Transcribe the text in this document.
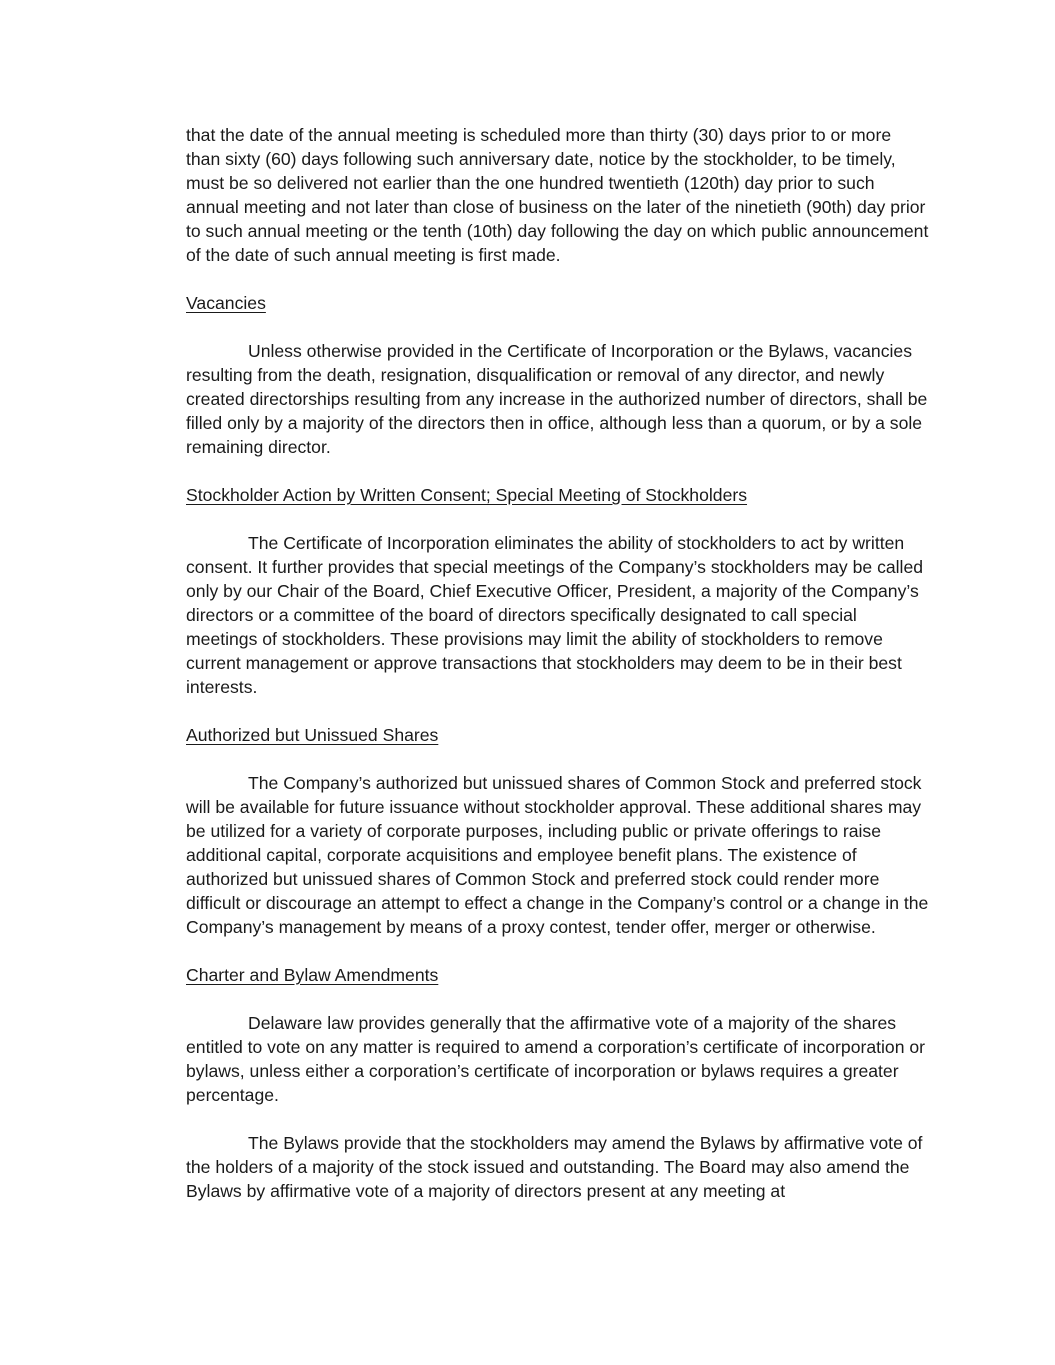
that the date of the annual meeting is scheduled more than thirty (30) days prior to or more than sixty (60) days following such anniversary date, notice by the stockholder, to be timely, must be so delivered not earlier than the one hundred twentieth (120th) day prior to such annual meeting and not later than close of business on the later of the ninetieth (90th) day prior to such annual meeting or the tenth (10th) day following the day on which public announcement of the date of such annual meeting is first made.

Vacancies

Unless otherwise provided in the Certificate of Incorporation or the Bylaws, vacancies resulting from the death, resignation, disqualification or removal of any director, and newly created directorships resulting from any increase in the authorized number of directors, shall be filled only by a majority of the directors then in office, although less than a quorum, or by a sole remaining director.

Stockholder Action by Written Consent; Special Meeting of Stockholders

The Certificate of Incorporation eliminates the ability of stockholders to act by written consent. It further provides that special meetings of the Company’s stockholders may be called only by our Chair of the Board, Chief Executive Officer, President, a majority of the Company’s directors or a committee of the board of directors specifically designated to call special meetings of stockholders. These provisions may limit the ability of stockholders to remove current management or approve transactions that stockholders may deem to be in their best interests.

Authorized but Unissued Shares

The Company’s authorized but unissued shares of Common Stock and preferred stock will be available for future issuance without stockholder approval. These additional shares may be utilized for a variety of corporate purposes, including public or private offerings to raise additional capital, corporate acquisitions and employee benefit plans. The existence of authorized but unissued shares of Common Stock and preferred stock could render more difficult or discourage an attempt to effect a change in the Company’s control or a change in the Company’s management by means of a proxy contest, tender offer, merger or otherwise.

Charter and Bylaw Amendments

Delaware law provides generally that the affirmative vote of a majority of the shares entitled to vote on any matter is required to amend a corporation’s certificate of incorporation or bylaws, unless either a corporation’s certificate of incorporation or bylaws requires a greater percentage.

The Bylaws provide that the stockholders may amend the Bylaws by affirmative vote of the holders of a majority of the stock issued and outstanding. The Board may also amend the Bylaws by affirmative vote of a majority of directors present at any meeting at
